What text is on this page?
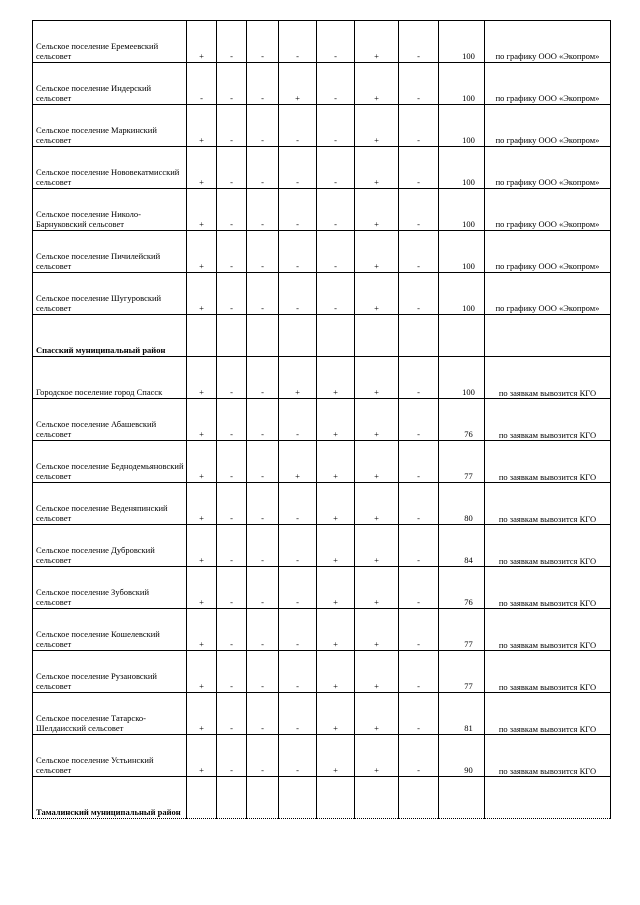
Сельское поселение Еремеевский сельсовет	+	-	-	-	-	+	-	100	по графику ООО «Экопром»
Сельское поселение Индерский сельсовет	-	-	-	+	-	+	-	100	по графику ООО «Экопром»
Сельское поселение Маркинский сельсовет	+	-	-	-	-	+	-	100	по графику ООО «Экопром»
Сельское поселение Нововекатмисский сельсовет	+	-	-	-	-	+	-	100	по графику ООО «Экопром»
Сельское поселение Николо-Барнуковский сельсовет	+	-	-	-	-	+	-	100	по графику ООО «Экопром»
Сельское поселение Пичилейский сельсовет	+	-	-	-	-	+	-	100	по графику ООО «Экопром»
Сельское поселение Шугуровский сельсовет	+	-	-	-	-	+	-	100	по графику ООО «Экопром»
Спасский муниципальный район									
Городское поселение город Спасск	+	-	-	+	+	+	-	100	по заявкам вывозится КГО
Сельское поселение Абашевский сельсовет	+	-	-	-	+	+	-	76	по заявкам вывозится КГО
Сельское поселение Беднодемьяновский сельсовет	+	-	-	+	+	+	-	77	по заявкам вывозится КГО
Сельское поселение Веденяпинский сельсовет	+	-	-	-	+	+	-	80	по заявкам вывозится КГО
Сельское поселение Дубровский сельсовет	+	-	-	-	+	+	-	84	по заявкам вывозится КГО
Сельское поселение Зубовский сельсовет	+	-	-	-	+	+	-	76	по заявкам вывозится КГО
Сельское поселение Кошелевский сельсовет	+	-	-	-	+	+	-	77	по заявкам вывозится КГО
Сельское поселение Рузановский сельсовет	+	-	-	-	+	+	-	77	по заявкам вывозится КГО
Сельское поселение Татарско-Шелдаисский сельсовет	+	-	-	-	+	+	-	81	по заявкам вывозится КГО
Сельское поселение Устьинский сельсовет	+	-	-	-	+	+	-	90	по заявкам вывозится КГО
Тамалинский муниципальный район									
